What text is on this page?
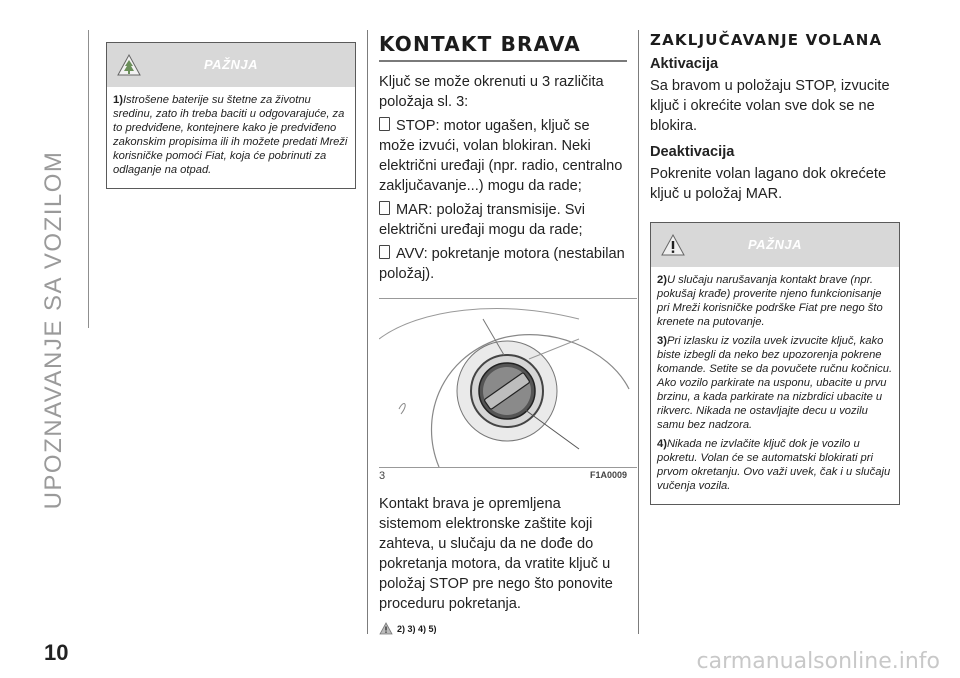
UPOZNAVANJE SA VOZILOM
10
PAŽNJA

1)Istrošene baterije su štetne za životnu sredinu, zato ih treba baciti u odgovarajuće, za to predviđene, kontejnere kako je predviđeno zakonskim propisima ili ih možete predati Mreži korisničke pomoći Fiat, koja će pobrinuti za odlaganje na otpad.

KONTAKT BRAVA

Ključ se može okrenuti u 3 različita položaja sl. 3:

STOP: motor ugašen, ključ se može izvući, volan blokiran. Neki električni uređaji (npr. radio, centralno zaključavanje...) mogu da rade;

MAR: položaj transmisije. Svi električni uređaji mogu da rade;

AVV: pokretanje motora (nestabilan položaj).

3	F1A0009

Kontakt brava je opremljena sistemom elektronske zaštite koji zahteva, u slučaju da ne dođe do pokretanja motora, da vratite ključ u položaj STOP pre nego što ponovite proceduru pokretanja.

2) 3) 4) 5)
ZAKLJUČAVANJE VOLANA
Aktivacija

Sa bravom u položaju STOP, izvucite ključ i okrećite volan sve dok se ne blokira.

Deaktivacija

Pokrenite volan lagano dok okrećete ključ u položaj MAR.

PAŽNJA

2)U slučaju narušavanja kontakt brave (npr. pokušaj krađe) proverite njeno funkcionisanje pri Mreži korisničke podrške Fiat pre nego što krenete na putovanje.

3)Pri izlasku iz vozila uvek izvucite ključ, kako biste izbegli da neko bez upozorenja pokrene komande. Setite se da povučete ručnu kočnicu. Ako vozilo parkirate na usponu, ubacite u prvu brzinu, a kada parkirate na nizbrdici ubacite u rikverc. Nikada ne ostavljajte decu u vozilu samu bez nadzora.

4)Nikada ne izvlačite ključ dok je vozilo u pokretu. Volan će se automatski blokirati pri prvom okretanju. Ovo važi uvek, čak i u slučaju vučenja vozila.

carmanualsonline.info
